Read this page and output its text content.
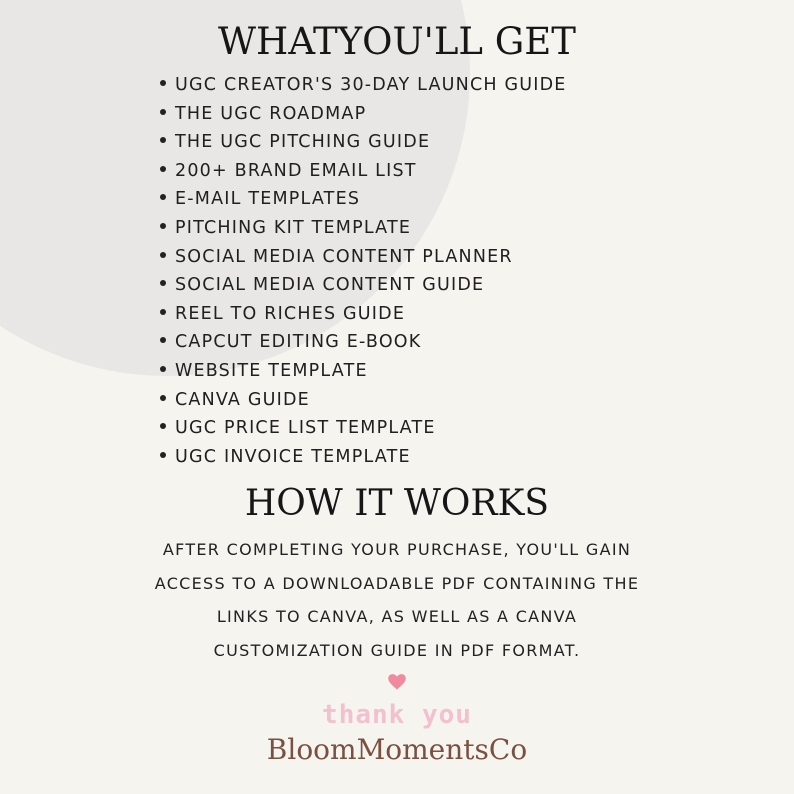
WHATYOU'LL GET
UGC CREATOR'S 30-DAY LAUNCH GUIDE
THE UGC ROADMAP
THE UGC PITCHING GUIDE
200+ BRAND EMAIL LIST
E-MAIL TEMPLATES
PITCHING KIT TEMPLATE
SOCIAL MEDIA CONTENT PLANNER
SOCIAL MEDIA CONTENT GUIDE
REEL TO RICHES GUIDE
CAPCUT EDITING E-BOOK
WEBSITE TEMPLATE
CANVA GUIDE
UGC PRICE LIST TEMPLATE
UGC INVOICE TEMPLATE
HOW IT WORKS
AFTER COMPLETING YOUR PURCHASE, YOU'LL GAIN
ACCESS TO A DOWNLOADABLE PDF CONTAINING THE
LINKS TO CANVA, AS WELL AS A CANVA
CUSTOMIZATION GUIDE IN PDF FORMAT.
thank you
BloomMomentsCo
